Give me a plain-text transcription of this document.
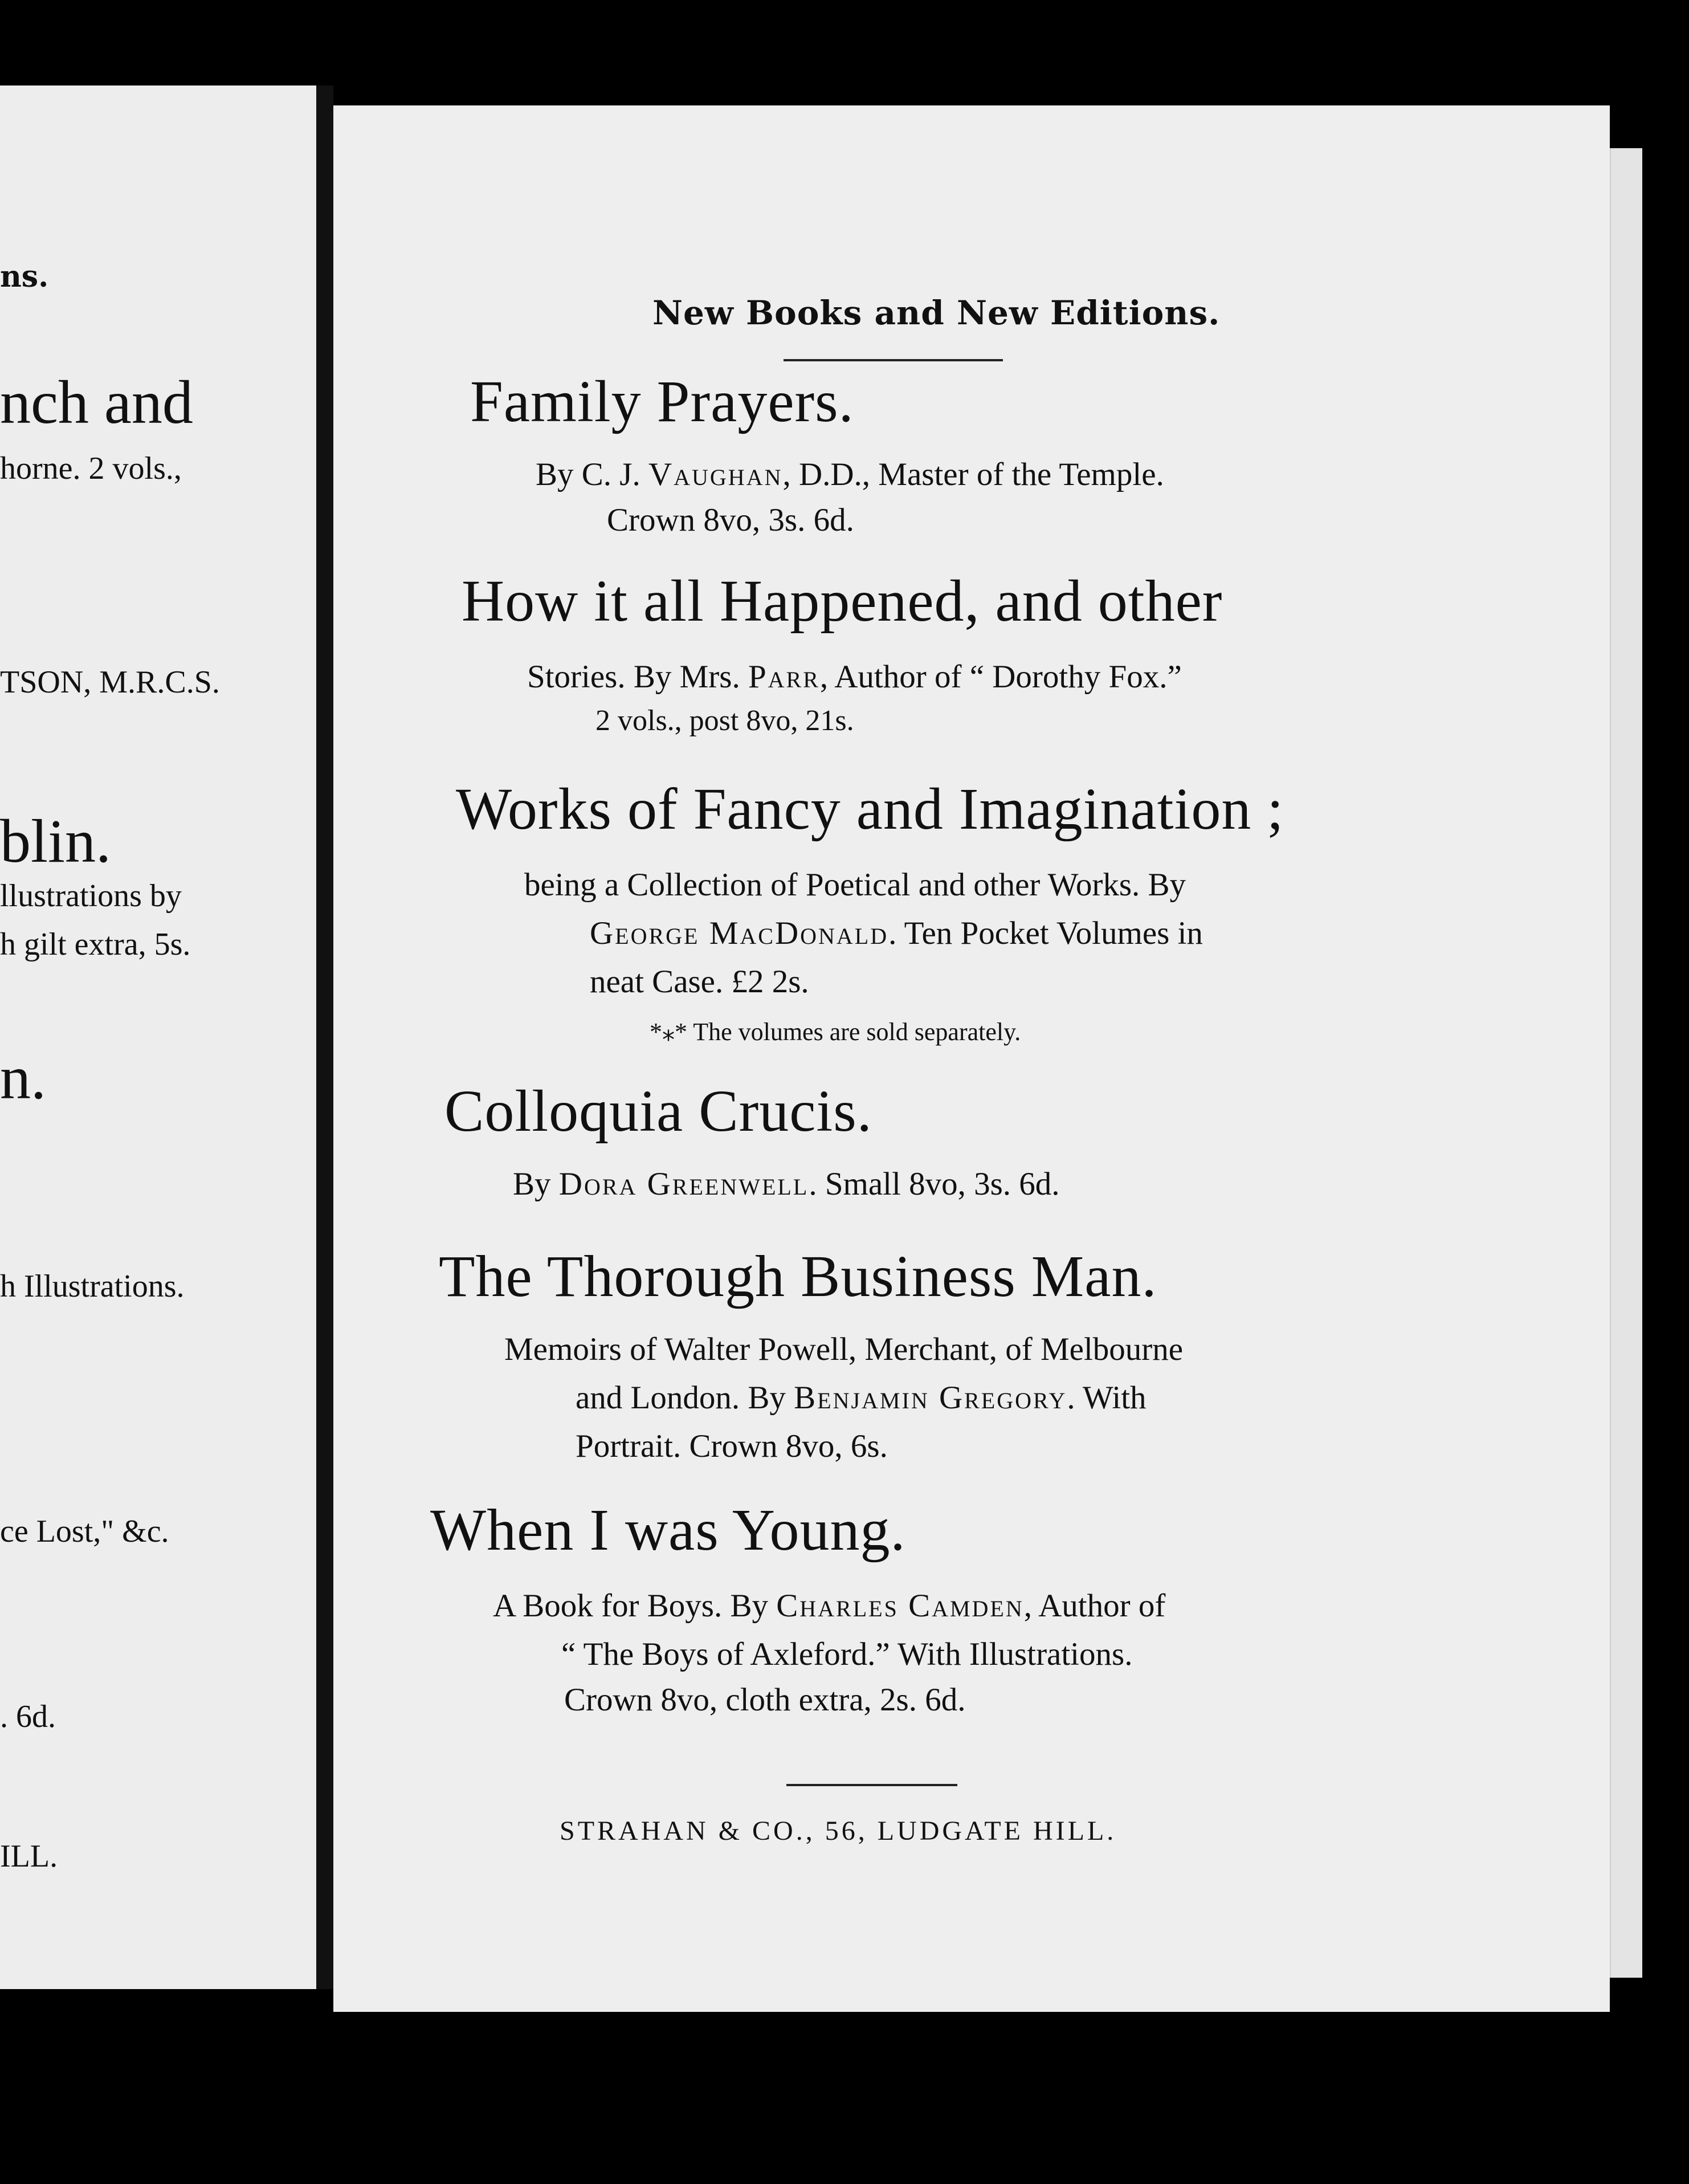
ns.
nch and
horne. 2 vols.,
TSON, M.R.C.S.
blin.
llustrations by
h gilt extra, 5s.
n.
h Illustrations.
ce Lost," &c.
. 6d.
ILL.
New Books and New Editions.
Family Prayers.
By C. J. Vaughan, D.D., Master of the Temple.
Crown 8vo, 3s. 6d.
How it all Happened, and other
Stories. By Mrs. Parr, Author of “ Dorothy Fox.”
2 vols., post 8vo, 21s.
Works of Fancy and Imagination ;
being a Collection of Poetical and other Works. By
George MacDonald. Ten Pocket Volumes in
neat Case. £2 2s.
*⁎* The volumes are sold separately.
Colloquia Crucis.
By Dora Greenwell. Small 8vo, 3s. 6d.
The Thorough Business Man.
Memoirs of Walter Powell, Merchant, of Melbourne
and London. By Benjamin Gregory. With
Portrait. Crown 8vo, 6s.
When I was Young.
A Book for Boys. By Charles Camden, Author of
“ The Boys of Axleford.” With Illustrations.
Crown 8vo, cloth extra, 2s. 6d.
STRAHAN & CO., 56, LUDGATE HILL.
